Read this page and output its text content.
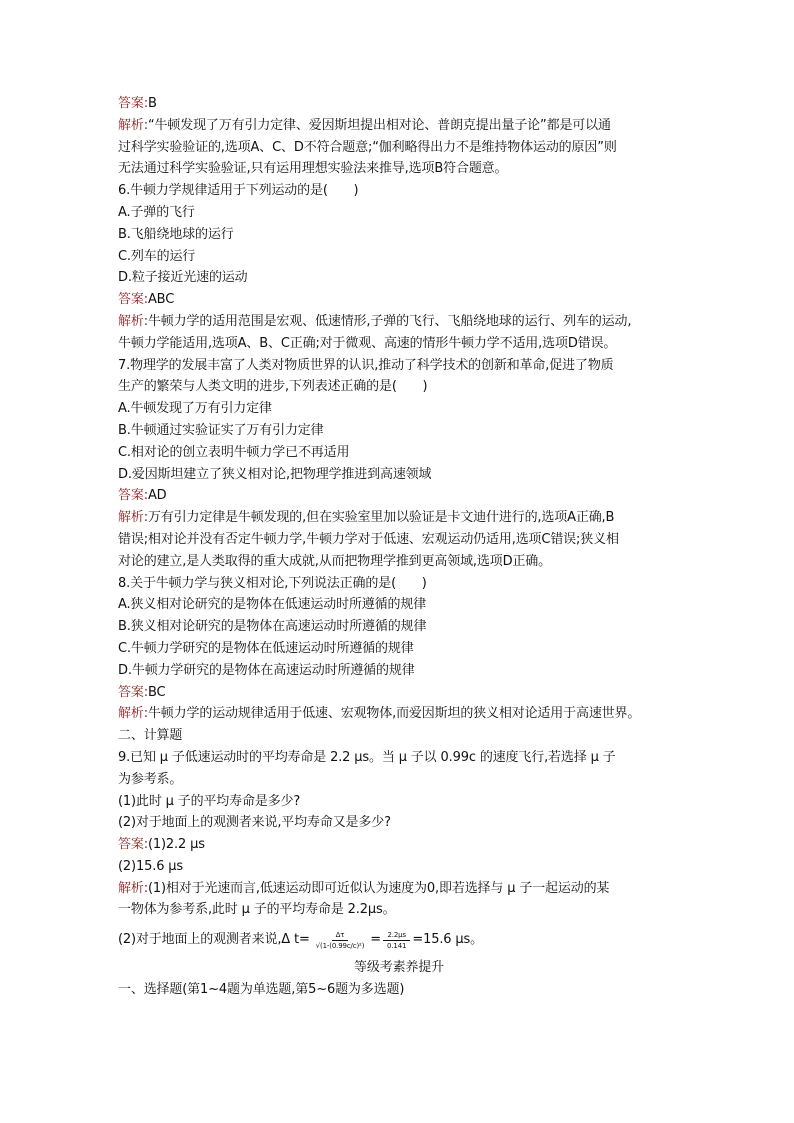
答案:B
解析:“牛顿发现了万有引力定律、爱因斯坦提出相对论、普朗克提出量子论”都是可以通
过科学实验验证的,选项A、C、D不符合题意;“伽利略得出力不是维持物体运动的原因”则
无法通过科学实验验证,只有运用理想实验法来推导,选项B符合题意。
6.牛顿力学规律适用于下列运动的是(　　)
A.子弹的飞行
B.飞船绕地球的运行
C.列车的运行
D.粒子接近光速的运动
答案:ABC
解析:牛顿力学的适用范围是宏观、低速情形,子弹的飞行、飞船绕地球的运行、列车的运动,
牛顿力学能适用,选项A、B、C正确;对于微观、高速的情形牛顿力学不适用,选项D错误。
7.物理学的发展丰富了人类对物质世界的认识,推动了科学技术的创新和革命,促进了物质
生产的繁荣与人类文明的进步,下列表述正确的是(　　)
A.牛顿发现了万有引力定律
B.牛顿通过实验证实了万有引力定律
C.相对论的创立表明牛顿力学已不再适用
D.爱因斯坦建立了狭义相对论,把物理学推进到高速领域
答案:AD
解析:万有引力定律是牛顿发现的,但在实验室里加以验证是卡文迪什进行的,选项A正确,B
错误;相对论并没有否定牛顿力学,牛顿力学对于低速、宏观运动仍适用,选项C错误;狭义相
对论的建立,是人类取得的重大成就,从而把物理学推到更高领域,选项D正确。
8.关于牛顿力学与狭义相对论,下列说法正确的是(　　)
A.狭义相对论研究的是物体在低速运动时所遵循的规律
B.狭义相对论研究的是物体在高速运动时所遵循的规律
C.牛顿力学研究的是物体在低速运动时所遵循的规律
D.牛顿力学研究的是物体在高速运动时所遵循的规律
答案:BC
解析:牛顿力学的运动规律适用于低速、宏观物体,而爱因斯坦的狭义相对论适用于高速世界。
二、计算题
9.已知 μ 子低速运动时的平均寿命是 2.2 μs。当 μ 子以 0.99c 的速度飞行,若选择 μ 子
为参考系。
(1)此时 μ 子的平均寿命是多少?
(2)对于地面上的观测者来说,平均寿命又是多少?
答案:(1)2.2 μs
(2)15.6 μs
解析:(1)相对于光速而言,低速运动即可近似认为速度为0,即若选择与 μ 子一起运动的某
一物体为参考系,此时 μ 子的平均寿命是 2.2μs。
(2)对于地面上的观测者来说,Δ $t= \frac{\Delta\tau}{\text{√(1-(0.99c/c)²)}} = \frac{2.2\mu s}{0.141} =15.6$ μs。
等级考素养提升
一、选择题(第1~4题为单选题,第5~6题为多选题)
